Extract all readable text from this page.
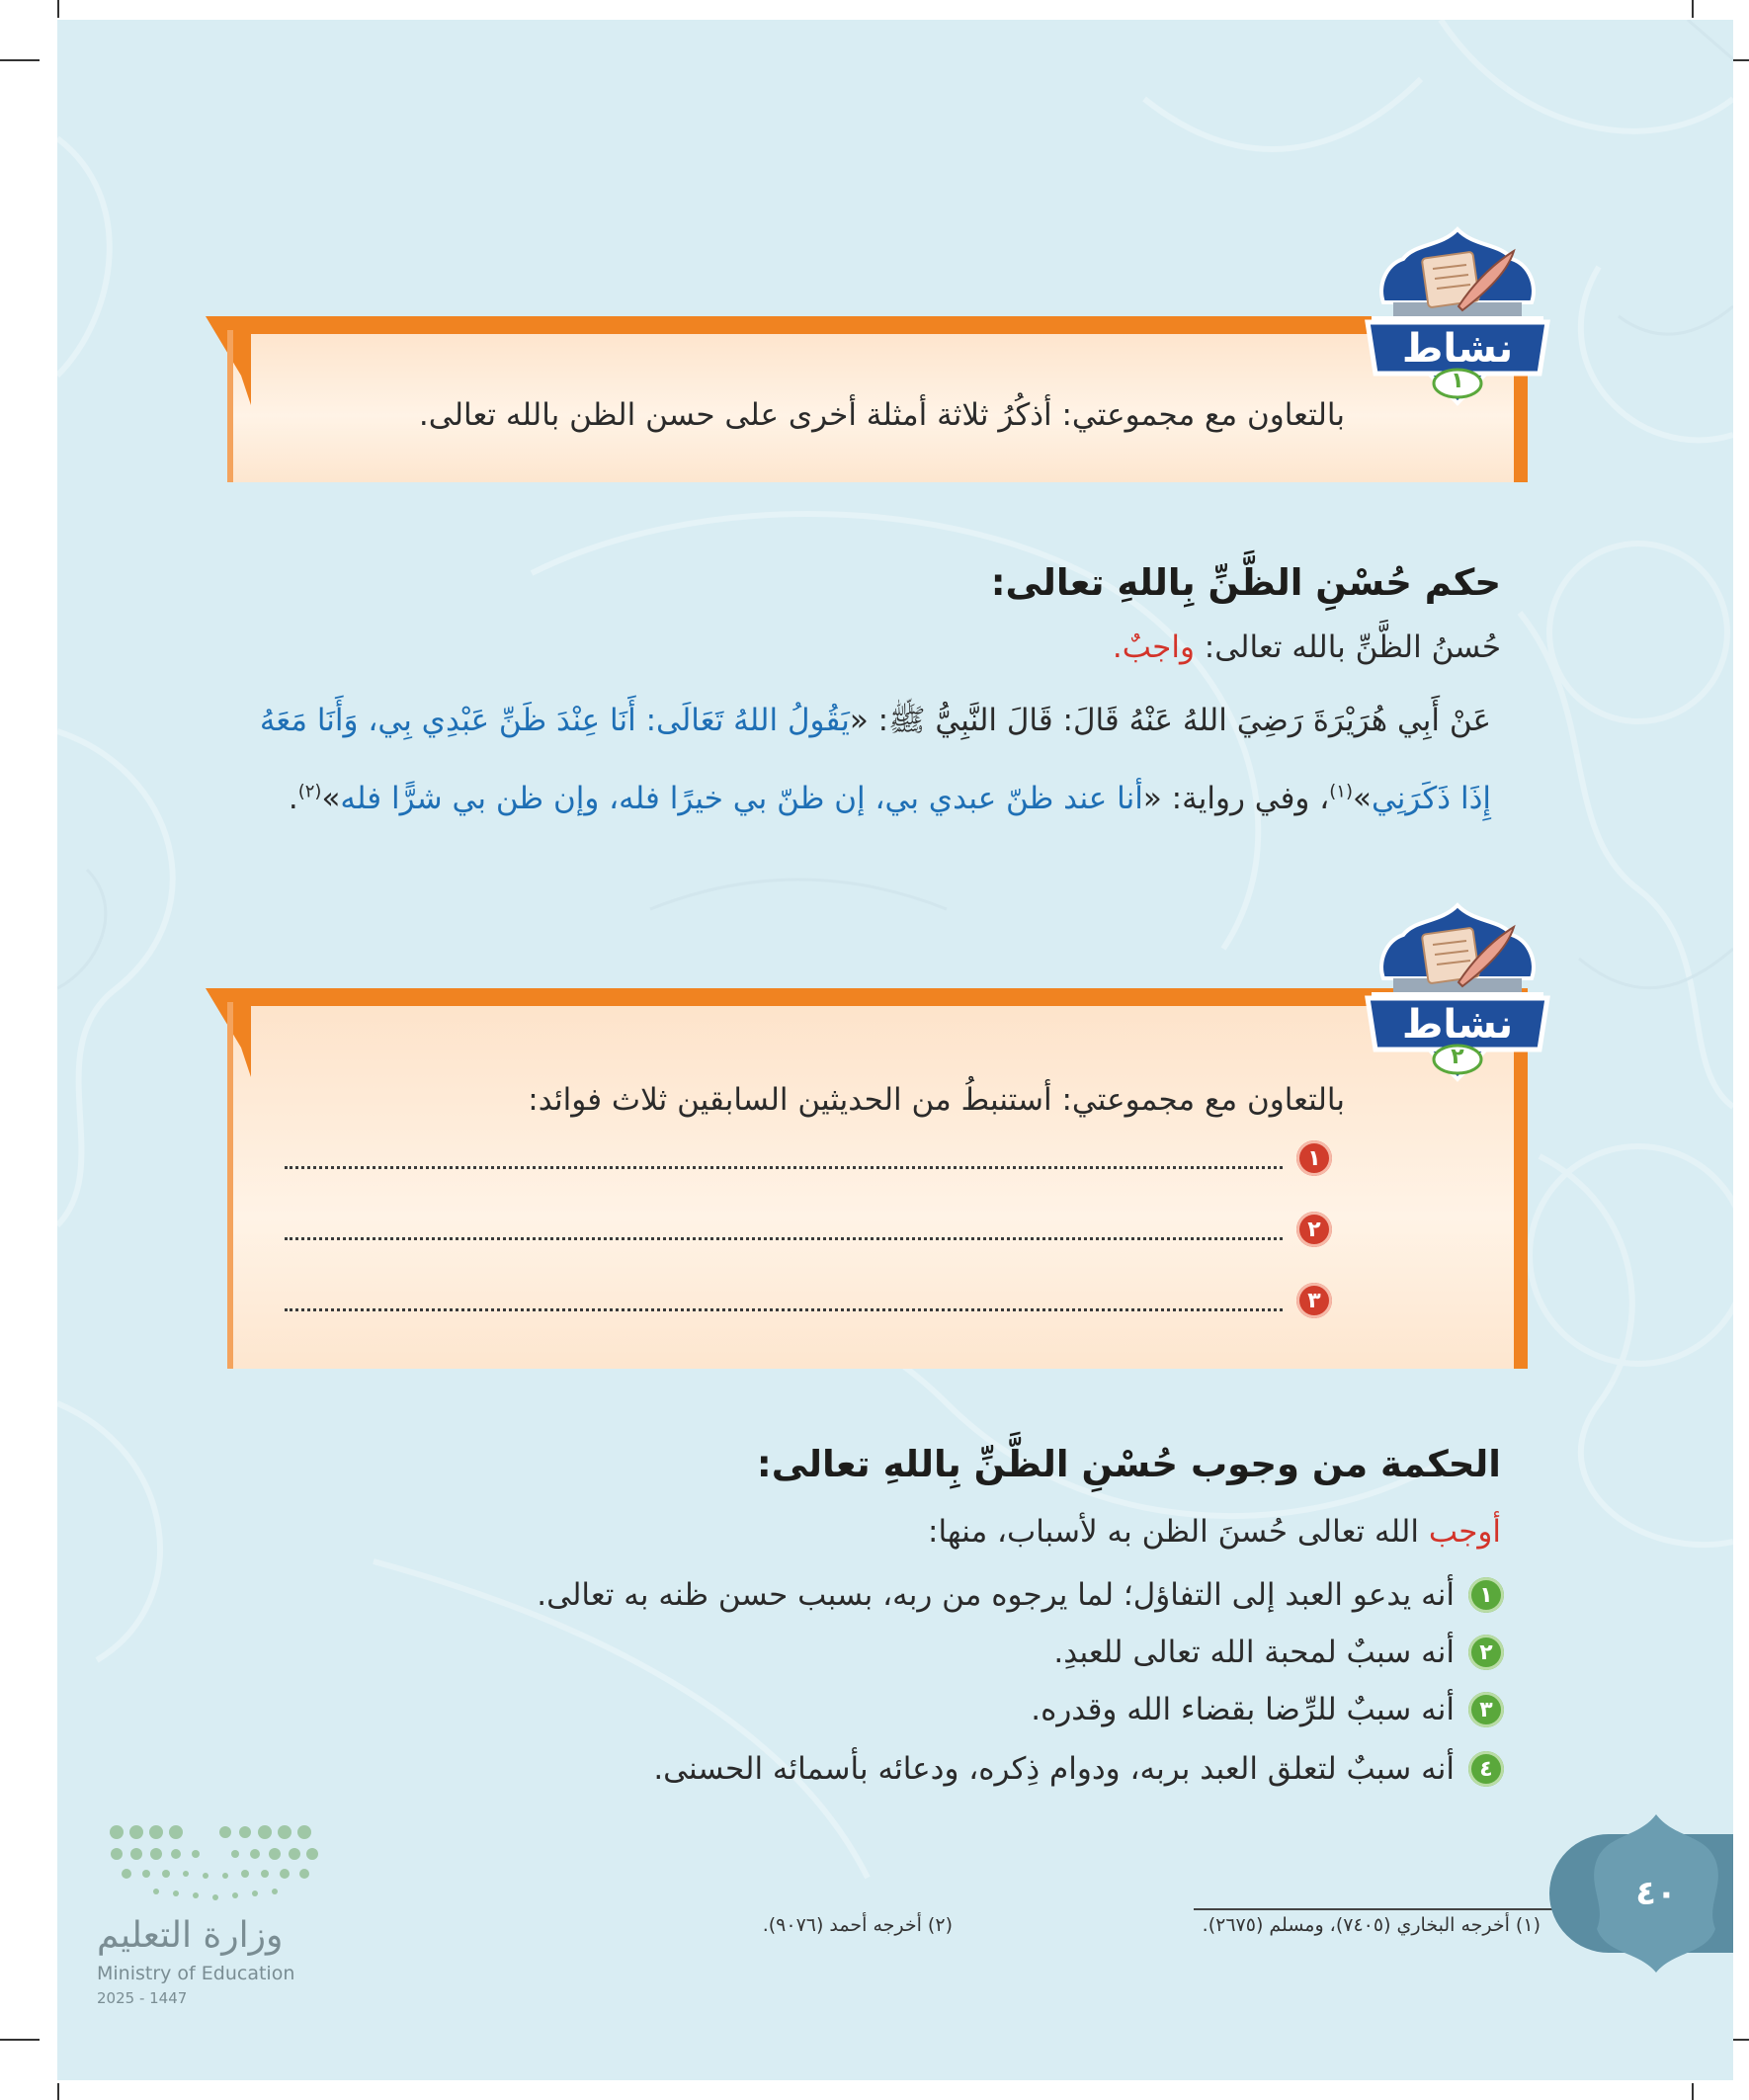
بالتعاون مع مجموعتي: أذكُرُ ثلاثة أمثلة أخرى على حسن الظن بالله تعالى.
نشاط
١
حكم حُسْنِ الظَّنِّ بِاللهِ تعالى:
حُسنُ الظَّنِّ بالله تعالى: واجبٌ.
عَنْ أَبِي هُرَيْرَةَ رَضِيَ اللهُ عَنْهُ قَالَ: قَالَ النَّبِيُّ ﷺ: «يَقُولُ اللهُ تَعَالَى: أَنَا عِنْدَ ظَنِّ عَبْدِي بِي، وَأَنَا مَعَهُ
إِذَا ذَكَرَنِي»$^{(١)}$، وفي رواية: «أنا عند ظنّ عبدي بي، إن ظنّ بي خيرًا فله، وإن ظن بي شرًّا فله»$^{(٢)}$.
بالتعاون مع مجموعتي: أستنبطُ من الحديثين السابقين ثلاث فوائد:
١
٢
٣
نشاط
٢
الحكمة من وجوب حُسْنِ الظَّنِّ بِاللهِ تعالى:
أوجب الله تعالى حُسنَ الظن به لأسباب، منها:
١
أنه يدعو العبد إلى التفاؤل؛ لما يرجوه من ربه، بسبب حسن ظنه به تعالى.
٢
أنه سببٌ لمحبة الله تعالى للعبدِ.
٣
أنه سببٌ للرِّضا بقضاء الله وقدره.
٤
أنه سببٌ لتعلق العبد بربه، ودوام ذِكره، ودعائه بأسمائه الحسنى.
(١) أخرجه البخاري (٧٤٠٥)، ومسلم (٢٦٧٥).
(٢) أخرجه أحمد (٩٠٧٦).
٤٠
وزارة التعليم
Ministry of Education
2025 - 1447
